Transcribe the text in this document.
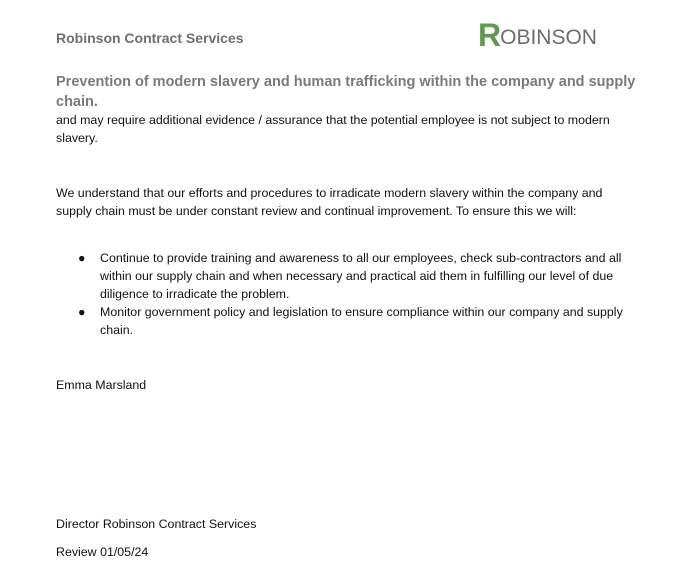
Robinson Contract Services	R OBINSON
Prevention of modern slavery and human trafficking within the company and supply chain.
and may require additional evidence / assurance that the potential employee is not subject to modern slavery.
We understand that our efforts and procedures to irradicate modern slavery within the company and supply chain must be under constant review and continual improvement. To ensure this we will:
● Continue to provide training and awareness to all our employees, check sub-contractors and all within our supply chain and when necessary and practical aid them in fulfilling our level of due diligence to irradicate the problem.
● Monitor government policy and legislation to ensure compliance within our company and supply chain.
Emma Marsland
Director Robinson Contract Services
Review 01/05/24
